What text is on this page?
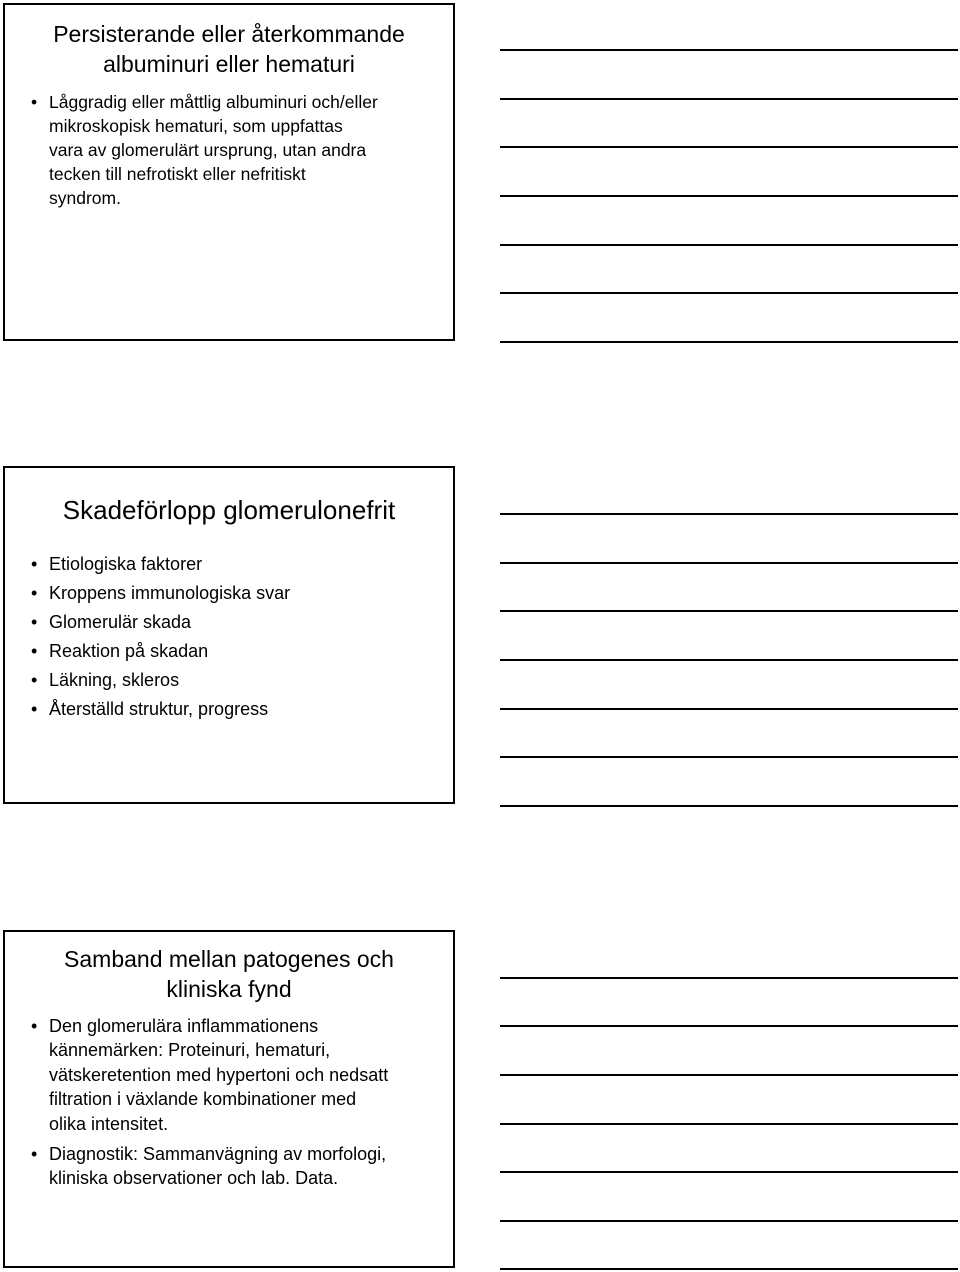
Persisterande eller återkommande
albuminuri eller hematuri
• Låggradig eller måttlig albuminuri och/eller
mikroskopisk hematuri, som uppfattas
vara av glomerulärt ursprung, utan andra
tecken till nefrotiskt eller nefritiskt
syndrom.
Skadeförlopp glomerulonefrit
• Etiologiska faktorer
• Kroppens immunologiska svar
• Glomerulär skada
• Reaktion på skadan
• Läkning, skleros
• Återställd struktur, progress
Samband mellan patogenes och
kliniska fynd
• Den glomerulära inflammationens
kännemärken: Proteinuri, hematuri,
vätskeretention med hypertoni och nedsatt
filtration i växlande kombinationer med
olika intensitet.
• Diagnostik: Sammanvägning av morfologi,
kliniska observationer och lab. Data.
